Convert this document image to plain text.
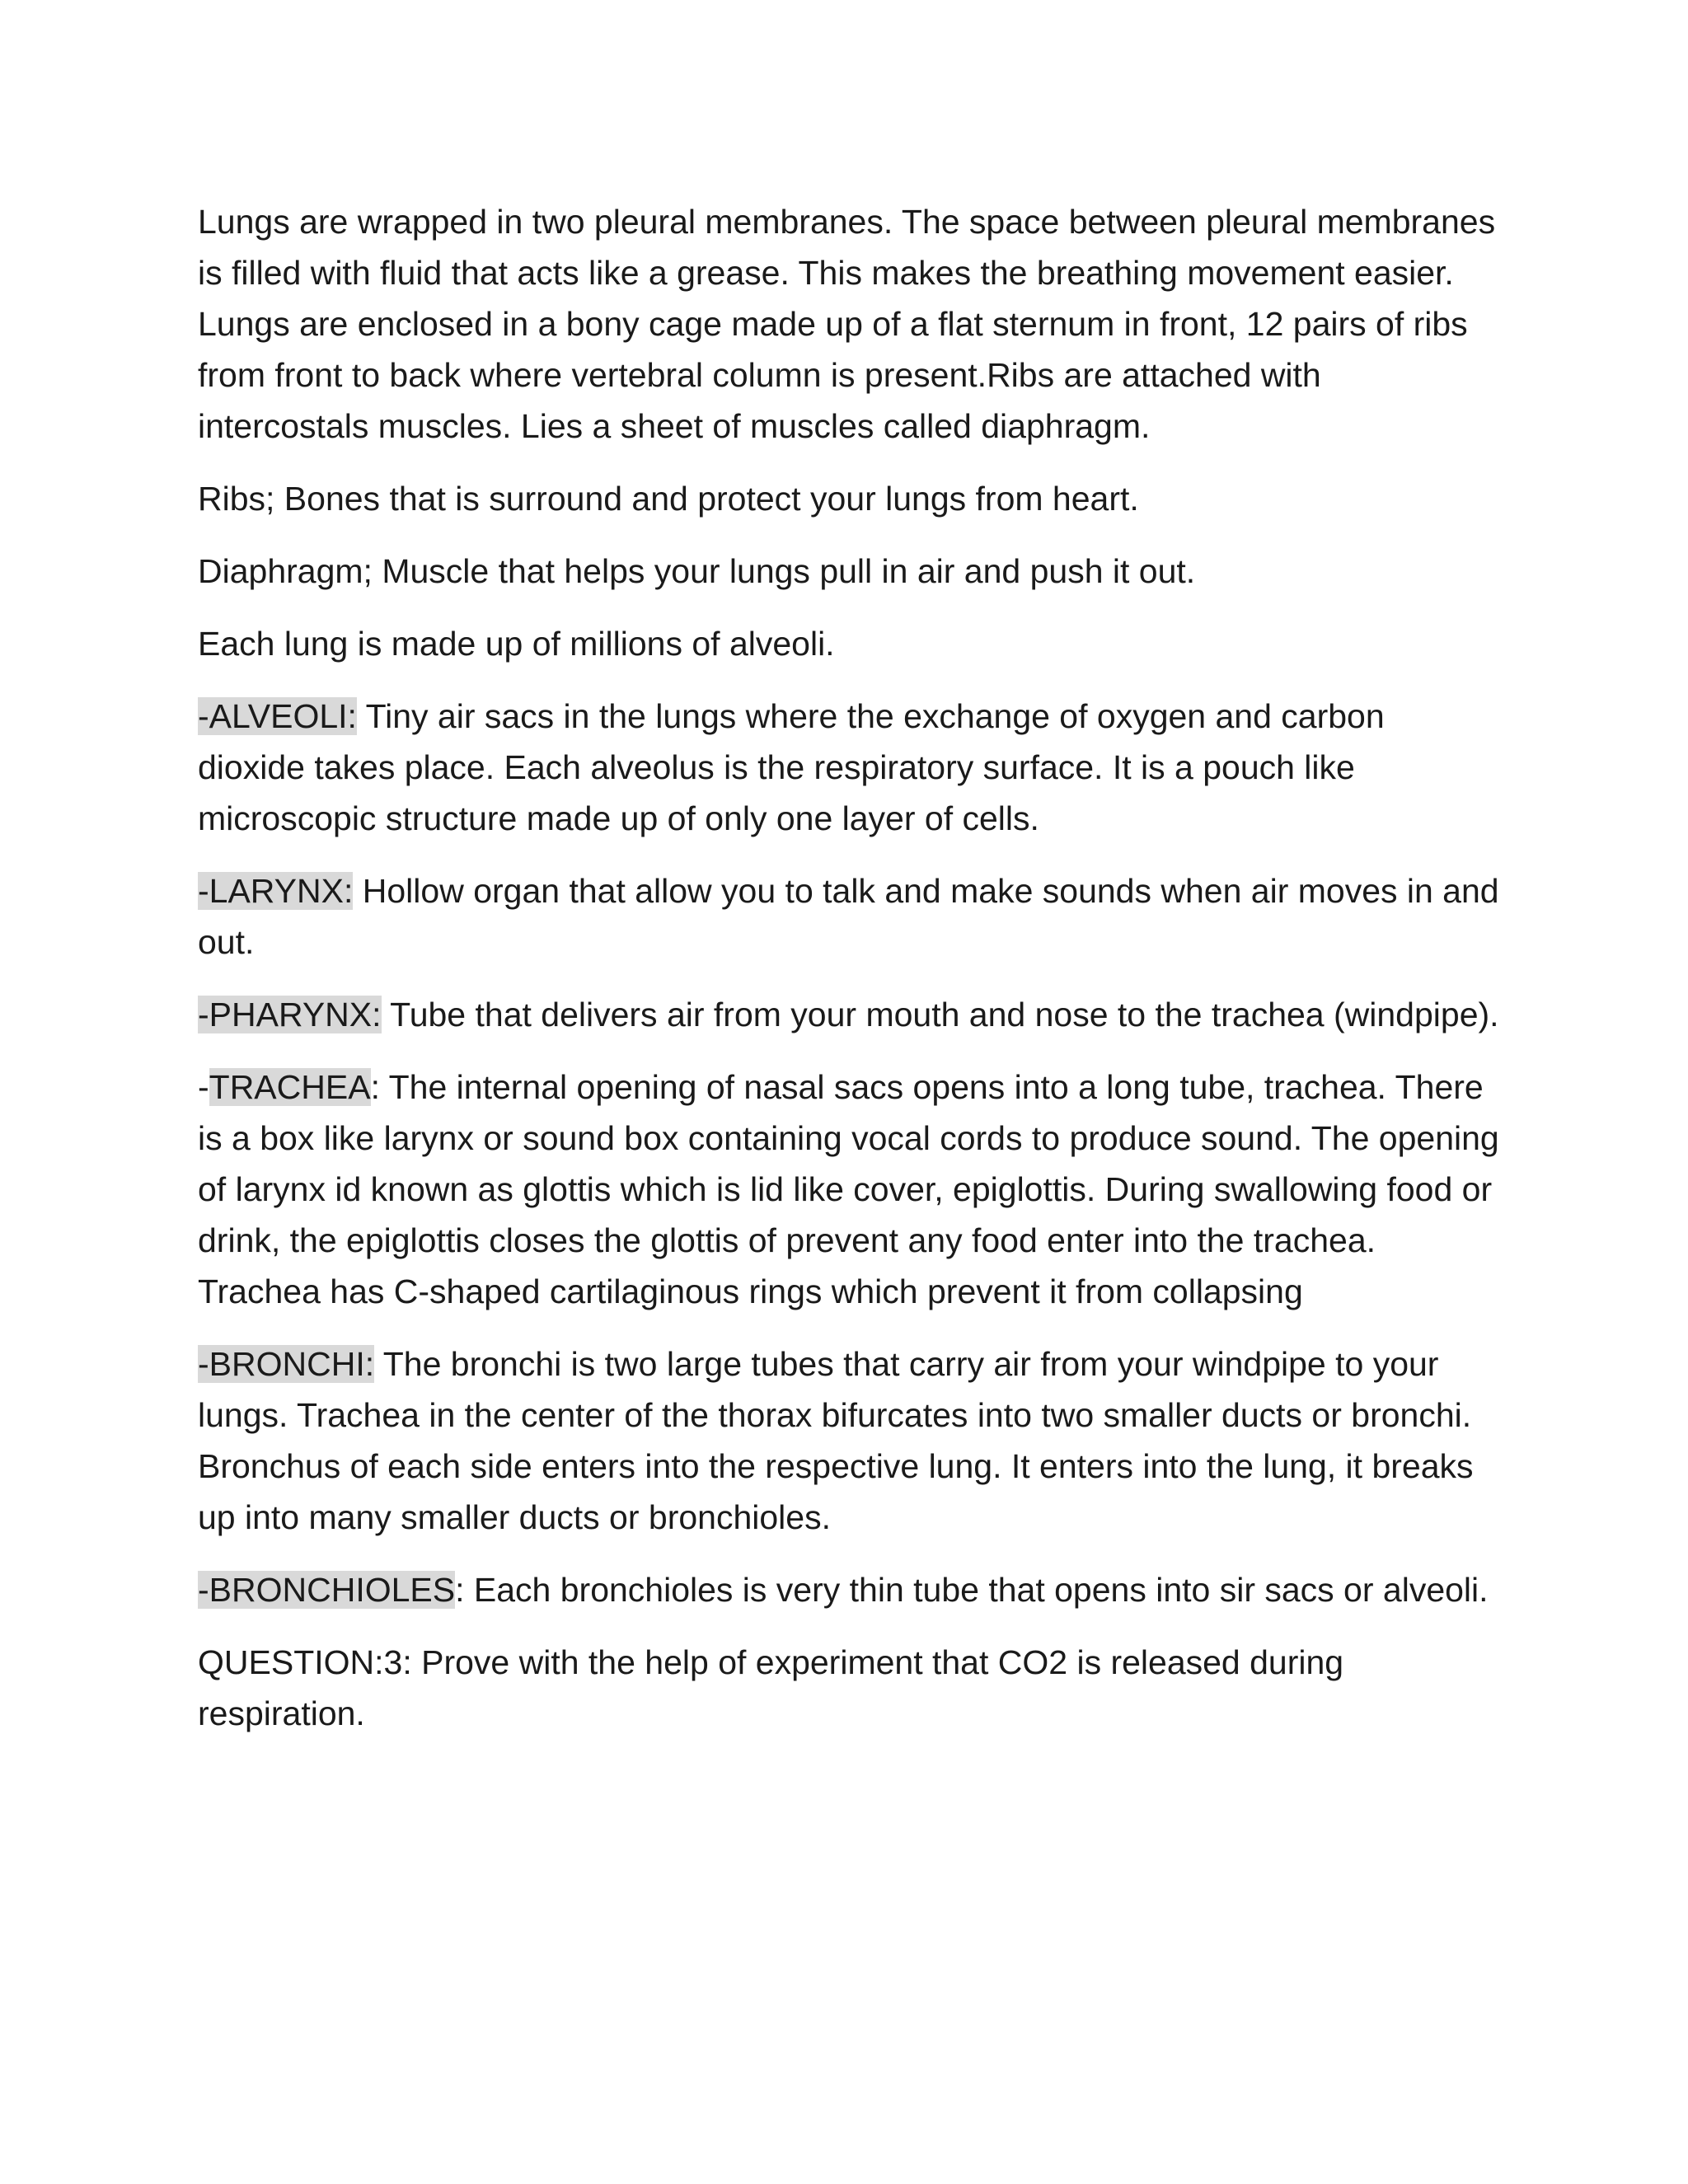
Lungs are wrapped in two pleural membranes. The space between pleural membranes is filled with fluid that acts like a grease. This makes the breathing movement easier. Lungs are enclosed in a bony cage made up of a flat sternum in front, 12 pairs of ribs from front to back where vertebral column is present.Ribs are attached with intercostals muscles. Lies a sheet of muscles called diaphragm.

Ribs; Bones that is surround and protect your lungs from heart.

Diaphragm; Muscle that helps your lungs pull in air and push it out.

Each lung is made up of millions of alveoli.

-ALVEOLI: Tiny air sacs in the lungs where the exchange of oxygen and carbon dioxide takes place. Each alveolus is the respiratory surface. It is a pouch like microscopic structure made up of only one layer of cells.

-LARYNX: Hollow organ that allow you to talk and make sounds when air moves in and out.

-PHARYNX: Tube that delivers air from your mouth and nose to the trachea (windpipe).

-TRACHEA: The internal opening of nasal sacs opens into a long tube, trachea. There is a box like larynx or sound box containing vocal cords to produce sound. The opening of larynx id known as glottis which is lid like cover, epiglottis. During swallowing food or drink, the epiglottis closes the glottis of prevent any food enter into the trachea. Trachea has C-shaped cartilaginous rings which prevent it from collapsing

-BRONCHI: The bronchi is two large tubes that carry air from your windpipe to your lungs. Trachea in the center of the thorax bifurcates into two smaller ducts or bronchi. Bronchus of each side enters into the respective lung. It enters into the lung, it breaks up into many smaller ducts or bronchioles.

-BRONCHIOLES: Each bronchioles is very thin tube that opens into sir sacs or alveoli.

QUESTION:3: Prove with the help of experiment that CO2 is released during respiration.
